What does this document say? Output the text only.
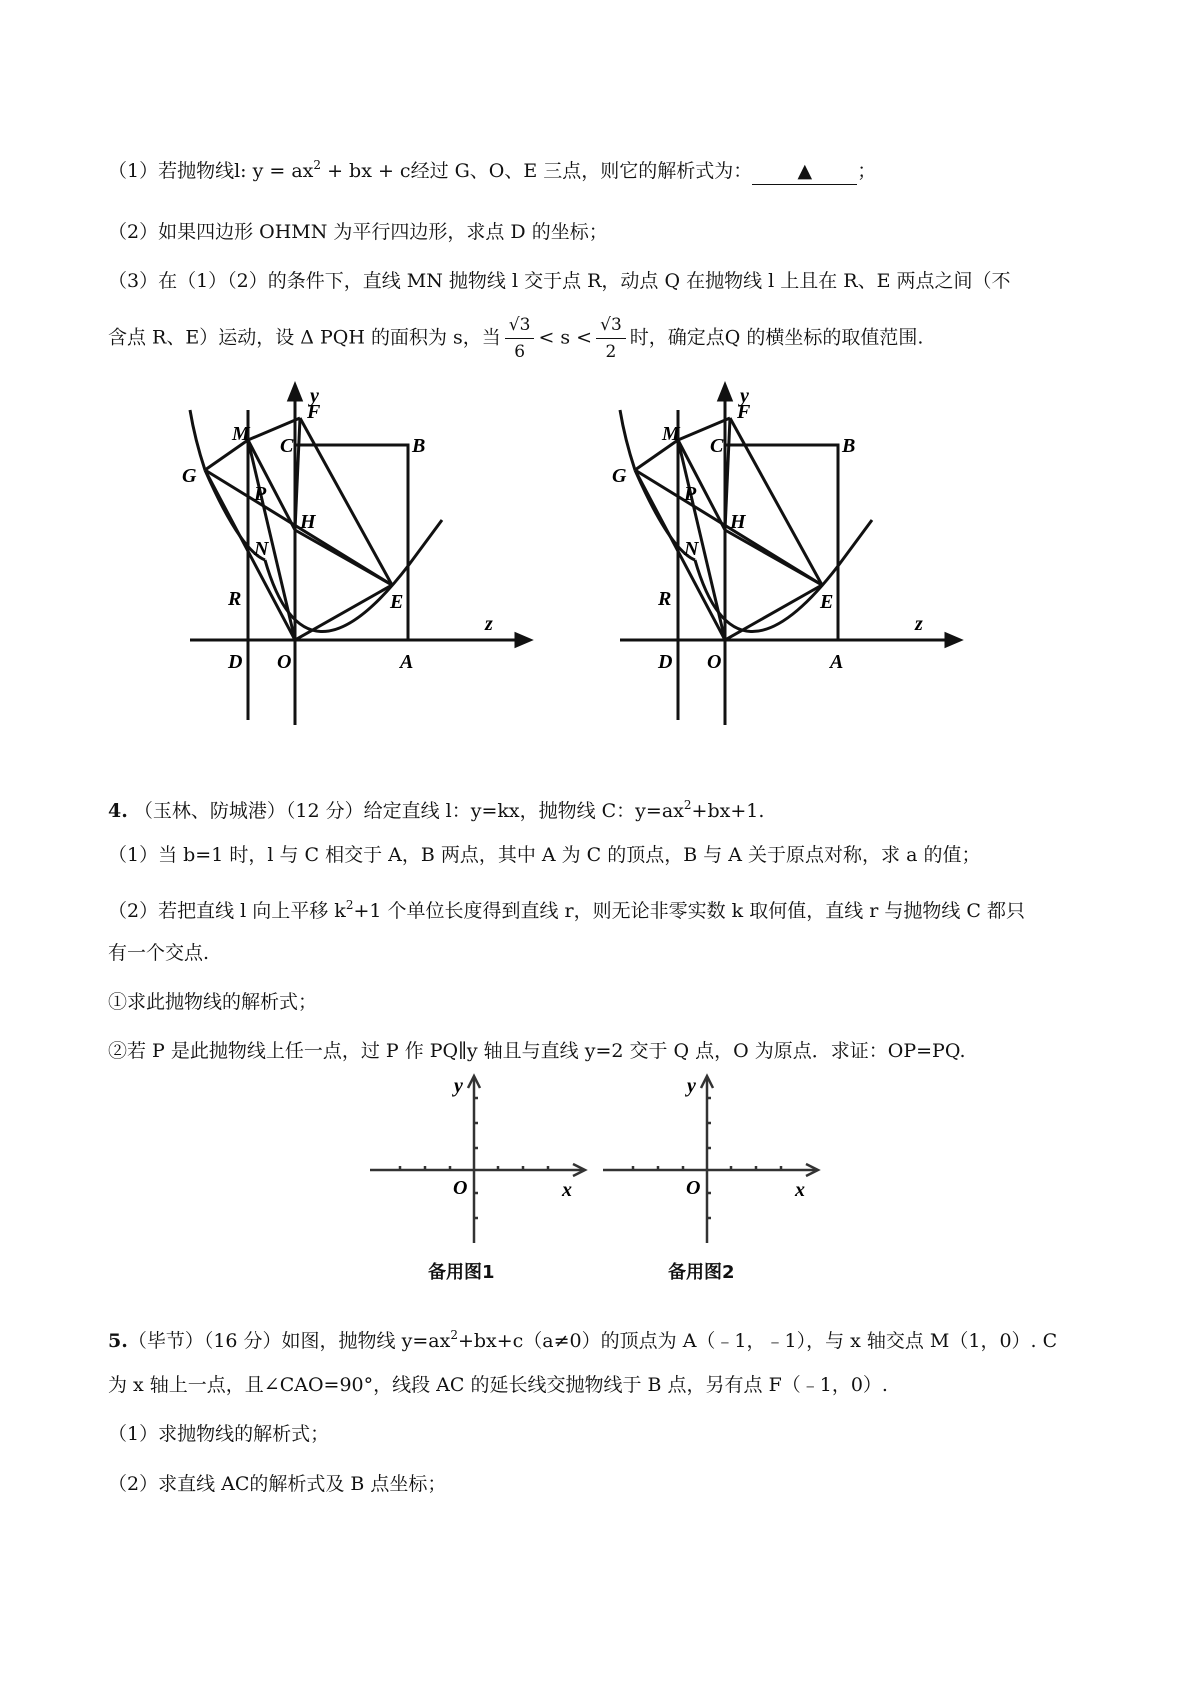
（1）若抛物线l: $y = ax^2$ + bx + c经过 G、O、E 三点，则它的解析式为： ▲ ；
（2）如果四边形 OHMN 为平行四边形，求点 D 的坐标；
（3）在（1）（2）的条件下，直线 MN 抛物线 l 交于点 R，动点 Q 在抛物线 l 上且在 R、E 两点之间（不
含点 R、E）运动，设 Δ PQH 的面积为 s，当 $\frac{√3}{6} < s < \frac{√3}{2}$ 时，确定点Q 的横坐标的取值范围.
y
z
F
M
C	B
G
P
H
N
R	E
D O	A
y
z
F
M
C	B
G
P
H
N
R	E
D O	A
4. （玉林、防城港）（12 分）给定直线 l：y=kx，抛物线 C：$y=ax^2+bx+1$.
（1）当 b=1 时，l 与 C 相交于 A，B 两点，其中 A 为 C 的顶点，B 与 A 关于原点对称，求 a 的值；
（2）若把直线 l 向上平移 $k^2+1$ 个单位长度得到直线 r，则无论非零实数 k 取何值，直线 r 与抛物线 C 都只
有一个交点.
①求此抛物线的解析式；
②若 P 是此抛物线上任一点，过 P 作 PQ∥y 轴且与直线 y=2 交于 Q 点，O 为原点．求证：OP=PQ.
y
O	x
备用图1
y
O	x
备用图2
5.（毕节）（16 分）如图，抛物线 $y=ax^2+bx+c(a\ne 0)$的顶点为 A（﹣1，﹣1），与 x 轴交点 M（1，0）. C
为 x 轴上一点，且∠CAO=90°，线段 AC 的延长线交抛物线于 B 点，另有点 F（﹣1，0）.
（1）求抛物线的解析式；
（2）求直线 AC的解析式及 B 点坐标；
